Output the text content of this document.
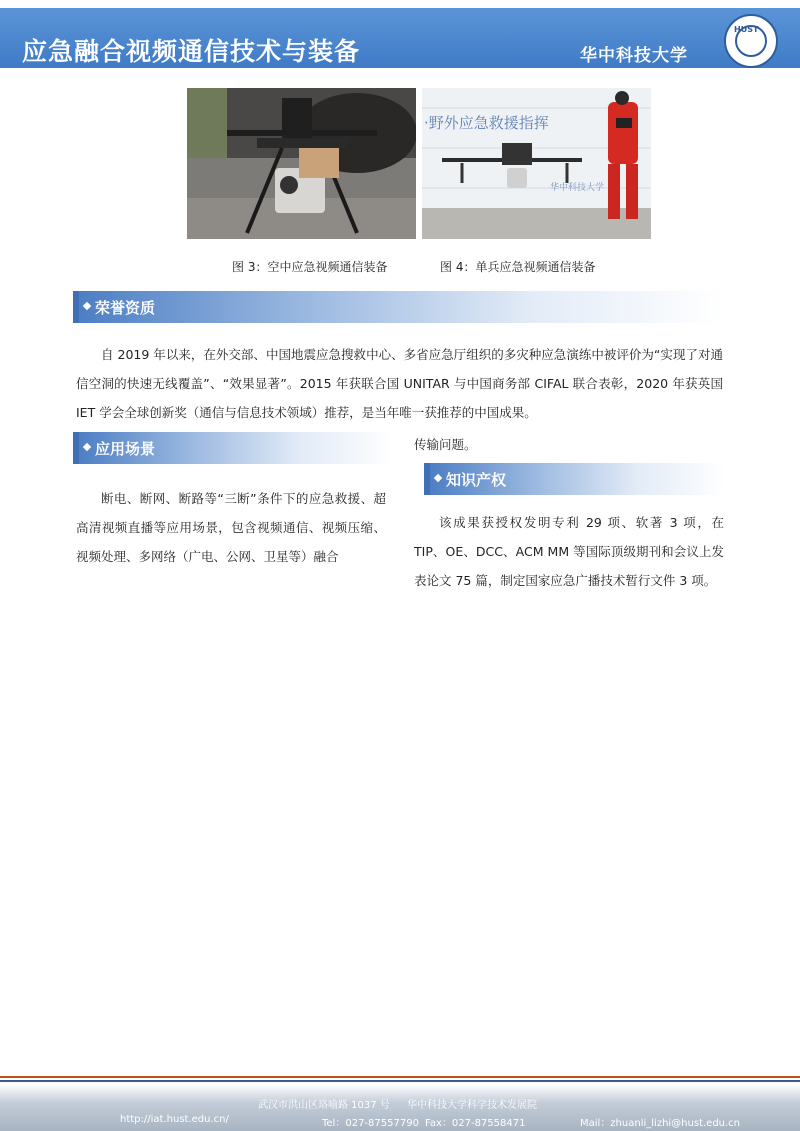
应急融合视频通信技术与装备	华中科技大学
HUST
·野外应急救援指挥
华中科技大学
图 3：空中应急视频通信装备	图 4：单兵应急视频通信装备
荣誉资质

自 2019 年以来，在外交部、中国地震应急搜救中心、多省应急厅组织的多灾种应急演练中被评价为“实现了对通信空洞的快速无线覆盖”、“效果显著”。2015 年获联合国 UNITAR 与中国商务部 CIFAL 联合表彰，2020 年获英国 IET 学会全球创新奖（通信与信息技术领域）推荐，是当年唯一获推荐的中国成果。

应用场景

断电、断网、断路等“三断”条件下的应急救援、超高清视频直播等应用场景，包含视频通信、视频压缩、视频处理、多网络（广电、公网、卫星等）融合

传输问题。
知识产权

该成果获授权发明专利 29 项、软著 3 项，在 TIP、OE、DCC、ACM MM 等国际顶级期刊和会议上发表论文 75 篇，制定国家应急广播技术暂行文件 3 项。

武汉市洪山区珞喻路 1037 号 华中科技大学科学技术发展院
http://iat.hust.edu.cn/	Tel：027-87557790 Fax：027-87558471	Mail：zhuanli_lizhi@hust.edu.cn
